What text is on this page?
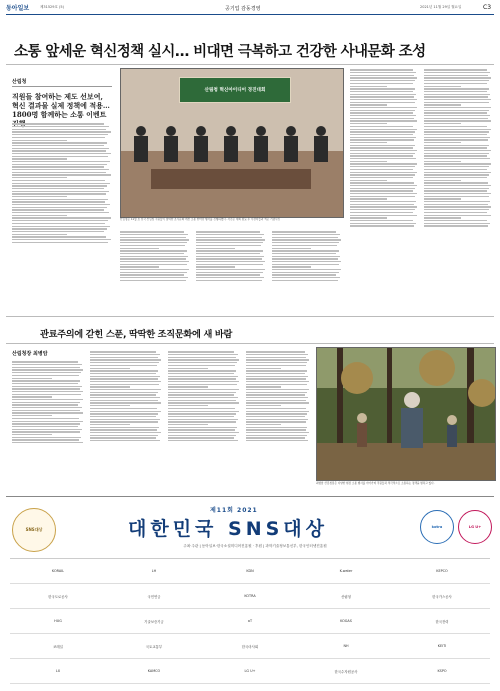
동아일보	제31529호 (5)	공기업 감동경영	2021년 11월 29일 월요일	C3
소통 앞세운 혁신정책 실시… 비대면 극복하고 건강한 사내문화 조성
산림청
직원들 참여하는 제도 선보여, 혁신 결과물 실제 정책에 적용… 1800명 함께하는 소통 이벤트
산림청 혁신아이디어 경진대회
산림청은 11월 초 전국 산림청 직원들이 참여한 조직문화 개선 소통 한마당 행사를 진행하였다. 사진은 대회 종료 후 수상자들과 찍은 기념사진
관료주의에 갇힌 스푼, 딱딱한 조직문화에 새 바람
산림청장 최병암
최병암 산림청장은 다양한 현장 소통 행사를 이어가며 직원들과 적극적으로 소통하는 정책을 펼치고 있다.
SNS대상
제11회 2021
대한민국 SNS대상
주최·주관 | 동아일보·한국소셜미디어진흥원 · 후원 | 과학기술정보통신부, 한국인터넷진흥원
kotra	LG U+
KORAIL	LH	KDN	K-water	KEPCO
한국도로공사	국민연금	KOTRA	산림청	한국가스공사
HUG	기술보증기금	aT	KOGAS	한국전력
코레일	국토교통부	한국마사회	NH	KEITI
LX	KAMCO	LG U+	한국수자원공사	KSPO
